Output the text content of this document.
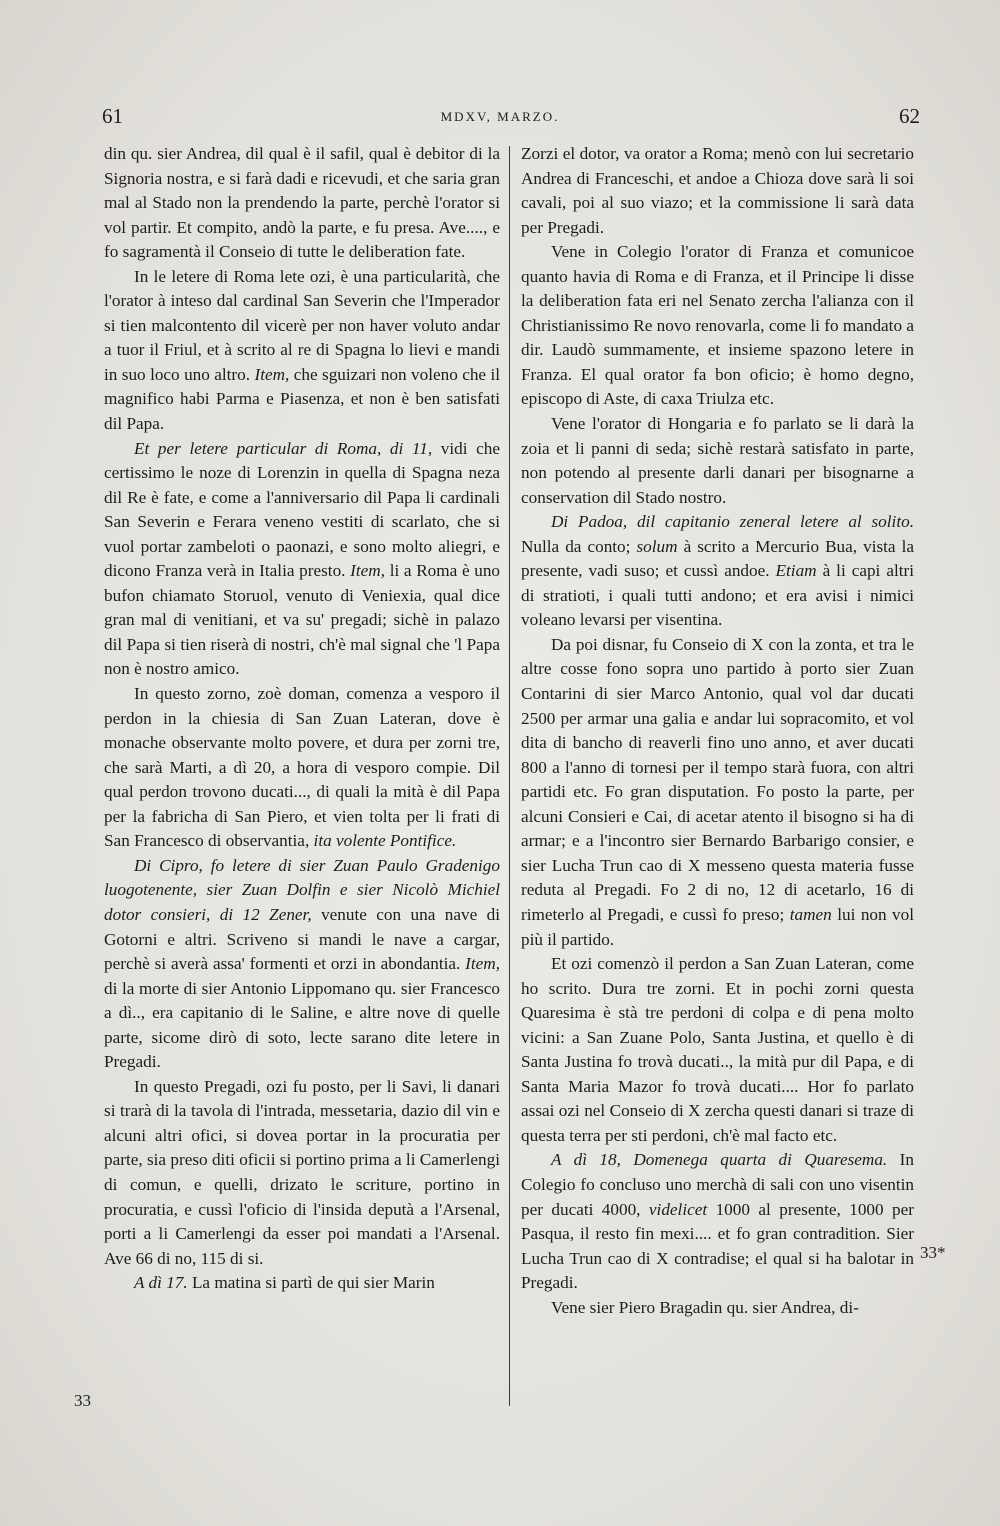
61	MDXV, MARZO.	62
33
33*

din qu. sier Andrea, dil qual è il safil, qual è debitor di la Signoria nostra, e si farà dadi e ricevudi, et che saria gran mal al Stado non la prendendo la parte, perchè l'orator si vol partir. Et compito, andò la parte, e fu presa. Ave...., e fo sagramentà il Conseio di tutte le deliberation fate.

In le letere di Roma lete ozi, è una particularità, che l'orator à inteso dal cardinal San Severin che l'Imperador si tien malcontento dil vicerè per non haver voluto andar a tuor il Friul, et à scrito al re di Spagna lo lievi e mandi in suo loco uno altro. Item, che sguizari non voleno che il magnifico habi Parma e Piasenza, et non è ben satisfati dil Papa.

Et per letere particular di Roma, di 11, vidi che certissimo le noze di Lorenzin in quella di Spagna neza dil Re è fate, e come a l'anniversario dil Papa li cardinali San Severin e Ferara veneno vestiti di scarlato, che si vuol portar zambeloti o paonazi, e sono molto aliegri, e dicono Franza verà in Italia presto. Item, li a Roma è uno bufon chiamato Storuol, venuto di Veniexia, qual dice gran mal di venitiani, et va su' pregadi; sichè in palazo dil Papa si tien riserà di nostri, ch'è mal signal che 'l Papa non è nostro amico.

In questo zorno, zoè doman, comenza a vesporo il perdon in la chiesia di San Zuan Lateran, dove è monache observante molto povere, et dura per zorni tre, che sarà Marti, a dì 20, a hora di vesporo compie. Dil qual perdon trovono ducati..., di quali la mità è dil Papa per la fabricha di San Piero, et vien tolta per li frati di San Francesco di observantia, ita volente Pontifice.

Di Cipro, fo letere di sier Zuan Paulo Gradenigo luogotenente, sier Zuan Dolfin e sier Nicolò Michiel dotor consieri, di 12 Zener, venute con una nave di Gotorni e altri. Scriveno si mandi le nave a cargar, perchè si averà assa' formenti et orzi in abondantia. Item, di la morte di sier Antonio Lippomano qu. sier Francesco a dì.., era capitanio di le Saline, e altre nove di quelle parte, sicome dirò di soto, lecte sarano dite letere in Pregadi.

In questo Pregadi, ozi fu posto, per li Savi, li danari si trarà di la tavola di l'intrada, messetaria, dazio dil vin e alcuni altri ofici, si dovea portar in la procuratia per parte, sia preso diti oficii si portino prima a li Camerlengi di comun, e quelli, drizato le scriture, portino in procuratia, e cussì l'oficio di l'insida deputà a l'Arsenal, porti a li Camerlengi da esser poi mandati a l'Arsenal. Ave 66 di no, 115 di si.

A dì 17. La matina si partì de qui sier Marin

Zorzi el dotor, va orator a Roma; menò con lui secretario Andrea di Franceschi, et andoe a Chioza dove sarà li soi cavali, poi al suo viazo; et la commissione li sarà data per Pregadi.

Vene in Colegio l'orator di Franza et comunicoe quanto havia di Roma e di Franza, et il Principe li disse la deliberation fata eri nel Senato zercha l'alianza con il Christianissimo Re novo renovarla, come li fo mandato a dir. Laudò summamente, et insieme spazono letere in Franza. El qual orator fa bon oficio; è homo degno, episcopo di Aste, di caxa Triulza etc.

Vene l'orator di Hongaria e fo parlato se li darà la zoia et li panni di seda; sichè restarà satisfato in parte, non potendo al presente darli danari per bisognarne a conservation dil Stado nostro.

Di Padoa, dil capitanio zeneral letere al solito. Nulla da conto; solum à scrito a Mercurio Bua, vista la presente, vadi suso; et cussì andoe. Etiam à li capi altri di stratioti, i quali tutti andono; et era avisi i nimici voleano levarsi per visentina.

Da poi disnar, fu Conseio di X con la zonta, et tra le altre cosse fono sopra uno partido à porto sier Zuan Contarini di sier Marco Antonio, qual vol dar ducati 2500 per armar una galia e andar lui sopracomito, et vol dita di bancho di reaverli fino uno anno, et aver ducati 800 a l'anno di tornesi per il tempo starà fuora, con altri partidi etc. Fo gran disputation. Fo posto la parte, per alcuni Consieri e Cai, di acetar atento il bisogno si ha di armar; e a l'incontro sier Bernardo Barbarigo consier, e sier Lucha Trun cao di X messeno questa materia fusse reduta al Pregadi. Fo 2 di no, 12 di acetarlo, 16 di rimeterlo al Pregadi, e cussì fo preso; tamen lui non vol più il partido.

Et ozi comenzò il perdon a San Zuan Lateran, come ho scrito. Dura tre zorni. Et in pochi zorni questa Quaresima è stà tre perdoni di colpa e di pena molto vicini: a San Zuane Polo, Santa Justina, et quello è di Santa Justina fo trovà ducati.., la mità pur dil Papa, e di Santa Maria Mazor fo trovà ducati.... Hor fo parlato assai ozi nel Conseio di X zercha questi danari si traze di questa terra per sti perdoni, ch'è mal facto etc.

A dì 18, Domenega quarta di Quaresema. In Colegio fo concluso uno merchà di sali con uno visentin per ducati 4000, videlicet 1000 al presente, 1000 per Pasqua, il resto fin mexi.... et fo gran contradition. Sier Lucha Trun cao di X contradise; el qual si ha balotar in Pregadi.

Vene sier Piero Bragadin qu. sier Andrea, di-
